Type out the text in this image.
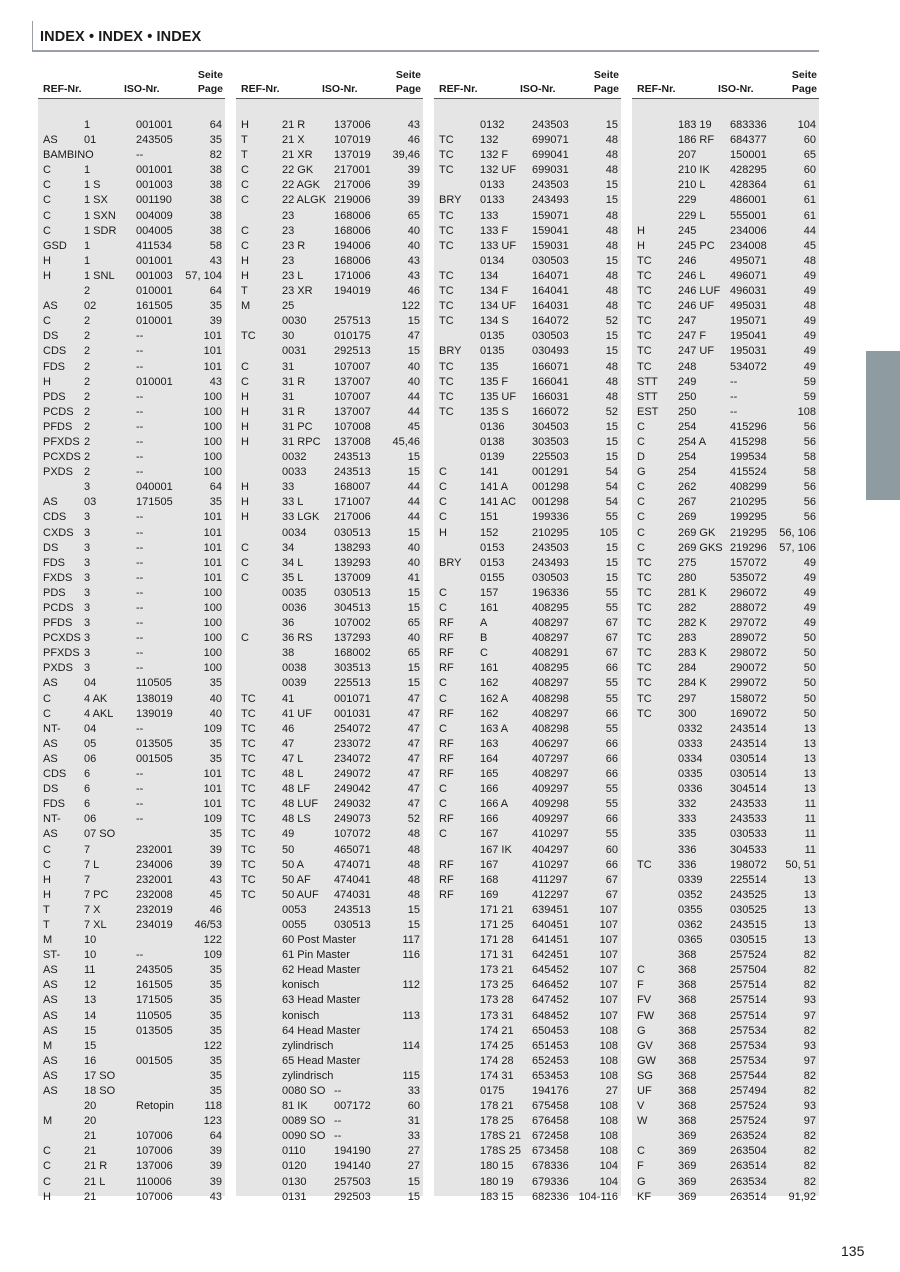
INDEX • INDEX • INDEX
REF-Nr.	ISO-Nr.
Seite
Page
1	001001	64
AS 01	243505	35
BAMBINO	--	82
C	1	001001	38
C	1 S	001003	38
C	1 SX	001190	38
C	1 SXN 004009	38
C	1 SDR 004005	38
GSD 1	411534	58
H	1	001001	43
H	1 SNL 001003 57, 104
2	010001	64
AS 02	161505	35
C	2	010001	39
DS 2	--	101
CDS 2	--	101
FDS 2	--	101
H	2	010001	43
PDS 2	--	100
PCDS 2	--	100
PFDS 2	--	100
PFXDS 2	--	100
PCXDS 2	--	100
PXDS 2	--	100
3	040001	64
AS 03	171505	35
CDS 3	--	101
CXDS 3	--	101
DS 3	--	101
FDS 3	--	101
FXDS 3	--	101
PDS 3	--	100
PCDS 3	--	100
PFDS 3	--	100
PCXDS 3	--	100
PFXDS 3	--	100
PXDS 3	--	100
AS 04	110505	35
C	4 AK	138019	40
C	4 AKL 139019	40
NT- 04	--	109
AS 05	013505	35
AS 06	001505	35
CDS 6	--	101
DS 6	--	101
FDS 6	--	101
NT- 06	--	109
AS 07 SO	35
C	7	232001	39
C	7 L	234006	39
H	7	232001	43
H	7 PC	232008	45
T	7 X	232019	46
T	7 XL	234019 46/53
M	10	122
ST- 10	--	109
AS 11	243505	35
AS 12	161505	35
AS 13	171505	35
AS 14	110505	35
AS 15	013505	35
M	15	122
AS 16	001505	35
AS 17 SO	35
AS 18 SO	35
20	Retopin	118
M	20	123
21	107006	64
C	21	107006	39
C	21 R	137006	39
C	21 L	110006	39
H	21	107006	43
REF-Nr.	ISO-Nr.
Seite
Page
H	21 R	137006	43
T	21 X	107019	46
T	21 XR 137019 39,46
C	22 GK 217001	39
C	22 AGK 217006	39
C	22 ALGK 219006	39
23	168006	65
C	23	168006	40
C	23 R	194006	40
H	23	168006	43
H	23 L	171006	43
T	23 XR 194019	46
M	25	122
0030	257513	15
TC 30	010175	47
0031	292513	15
C	31	107007	40
C	31 R	137007	40
H	31	107007	44
H	31 R	137007	44
H	31 PC 107008	45
H	31 RPC 137008 45,46
0032	243513	15
0033	243513	15
H	33	168007	44
H	33 L	171007	44
H	33 LGK 217006	44
0034	030513	15
C	34	138293	40
C	34 L	139293	40
C	35 L	137009	41
0035	030513	15
0036	304513	15
36	107002	65
C	36 RS 137293	40
38	168002	65
0038	303513	15
0039	225513	15
TC 41	001071	47
TC 41 UF 001031	47
TC 46	254072	47
TC 47	233072	47
TC 47 L	234072	47
TC 48 L	249072	47
TC 48 LF 249042	47
TC 48 LUF 249032	47
TC 48 LS 249073	52
TC 49	107072	48
TC 50	465071	48
TC 50 A	474071	48
TC 50 AF 474041	48
TC 50 AUF 474031	48
0053	243513	15
0055	030513	15
60 Post Master	117
61 Pin Master	116
62 Head Master
konisch	112
63 Head Master
konisch	113
64 Head Master
zylindrisch	114
65 Head Master
zylindrisch	115
0080 SO --	33
81 IK 007172	60
0089 SO --	31
0090 SO --	33
0110	194190	27
0120	194140	27
0130	257503	15
0131	292503	15
REF-Nr.	ISO-Nr.
Seite
Page
0132	243503	15
TC 132	699071	48
TC 132 F 699041	48
TC 132 UF 699031	48
0133	243503	15
BRY 0133	243493	15
TC 133	159071	48
TC 133 F 159041	48
TC 133 UF 159031	48
0134	030503	15
TC 134	164071	48
TC 134 F 164041	48
TC 134 UF 164031	48
TC 134 S 164072	52
0135	030503	15
BRY 0135	030493	15
TC 135	166071	48
TC 135 F 166041	48
TC 135 UF 166031	48
TC 135 S 166072	52
0136	304503	15
0138	303503	15
0139	225503	15
C	141	001291	54
C	141 A 001298	54
C	141 AC 001298	54
C	151	199336	55
H	152	210295	105
0153	243503	15
BRY 0153	243493	15
0155	030503	15
C	157	196336	55
C	161	408295	55
RF A	408297	67
RF B	408297	67
RF C	408291	67
RF 161	408295	66
C	162	408297	55
C	162 A 408298	55
RF 162	408297	66
C	163 A 408298	55
RF 163	406297	66
RF 164	407297	66
RF 165	408297	66
C	166	409297	55
C	166 A 409298	55
RF 166	409297	66
C	167	410297	55
167 IK 404297	60
RF 167	410297	66
RF 168	411297	67
RF 169	412297	67
171 21 639451	107
171 25 640451	107
171 28 641451	107
171 31 642451	107
173 21 645452	107
173 25 646452	107
173 28 647452	107
173 31 648452	107
174 21 650453	108
174 25 651453	108
174 28 652453	108
174 31 653453	108
0175	194176	27
178 21 675458	108
178 25 676458	108
178S 21 672458	108
178S 25 673458	108
180 15 678336	104
180 19 679336	104
183 15 682336 104-116
REF-Nr.	ISO-Nr.
Seite
Page
183 19 683336	104
186 RF 684377	60
207	150001	65
210 IK 428295	60
210 L 428364	61
229	486001	61
229 L 555001	61
H	245	234006	44
H	245 PC 234008	45
TC 246	495071	48
TC 246 L 496071	49
TC 246 LUF 496031	49
TC 246 UF 495031	48
TC 247	195071	49
TC 247 F 195041	49
TC 247 UF 195031	49
TC 248	534072	49
STT 249	--	59
STT 250	--	59
EST 250	--	108
C	254	415296	56
C	254 A 415298	56
D	254	199534	58
G	254	415524	58
C	262	408299	56
C	267	210295	56
C	269	199295	56
C	269 GK 219295 56, 106
C	269 GKS 219296 57, 106
TC 275	157072	49
TC 280	535072	49
TC 281 K 296072	49
TC 282	288072	49
TC 282 K 297072	49
TC 283	289072	50
TC 283 K 298072	50
TC 284	290072	50
TC 284 K 299072	50
TC 297	158072	50
TC 300	169072	50
0332	243514	13
0333	243514	13
0334	030514	13
0335	030514	13
0336	304514	13
332	243533	11
333	243533	11
335	030533	11
336	304533	11
TC 336	198072 50, 51
0339	225514	13
0352	243525	13
0355	030525	13
0362	243515	13
0365	030515	13
368	257524	82
C	368	257504	82
F	368	257514	82
FV 368	257514	93
FW 368	257514	97
G	368	257534	82
GV 368	257534	93
GW 368	257534	97
SG 368	257544	82
UF 368	257494	82
V	368	257524	93
W	368	257524	97
369	263524	82
C	369	263504	82
F	369	263514	82
G	369	263534	82
KF 369	263514 91,92
135
